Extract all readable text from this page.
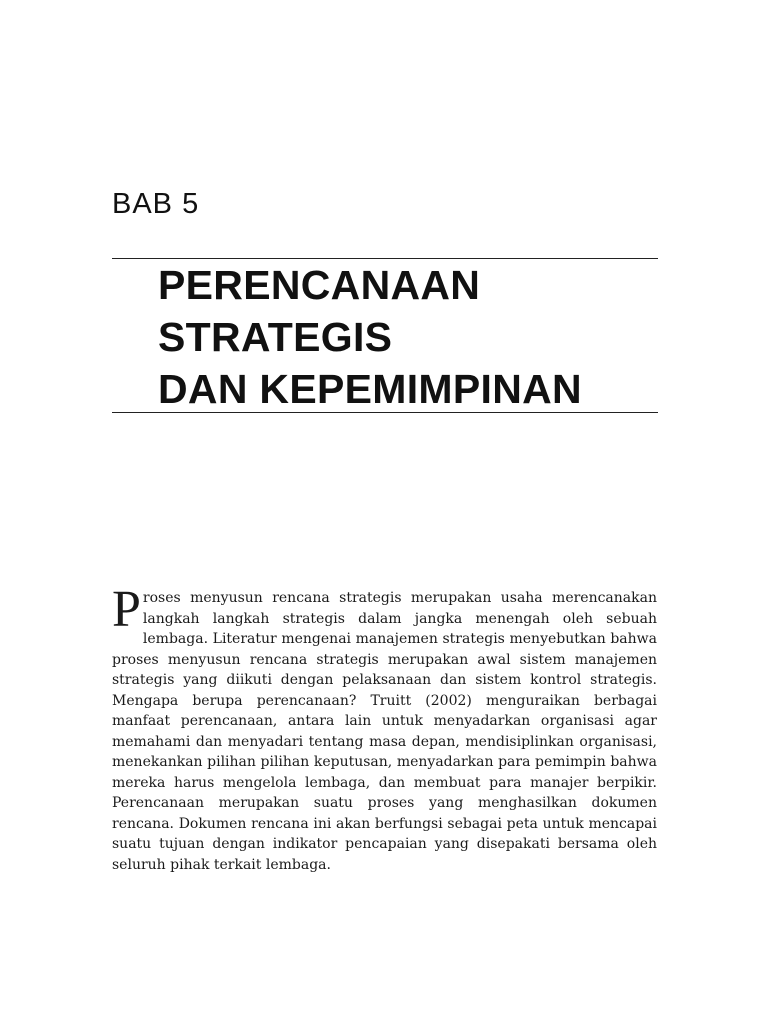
BAB 5
PERENCANAAN
STRATEGIS
DAN KEPEMIMPINAN

Proses menyusun rencana strategis merupakan usaha merencanakan langkah langkah strategis dalam jangka menengah oleh sebuah lembaga. Literatur mengenai manajemen strategis menyebutkan bahwa proses menyusun rencana strategis merupakan awal sistem manajemen strategis yang diikuti dengan pelaksanaan dan sistem kontrol strategis. Mengapa berupa perencanaan? Truitt (2002) menguraikan berbagai manfaat perencanaan, antara lain untuk menyadarkan organisasi agar memahami dan menyadari tentang masa depan, mendisiplinkan organisasi, menekankan pilihan pilihan keputusan, menyadarkan para pemimpin bahwa mereka harus mengelola lembaga, dan membuat para manajer berpikir. Perencanaan merupakan suatu proses yang menghasilkan dokumen rencana. Dokumen rencana ini akan berfungsi sebagai peta untuk mencapai suatu tujuan dengan indikator pencapaian yang disepakati bersama oleh seluruh pihak terkait lembaga.
